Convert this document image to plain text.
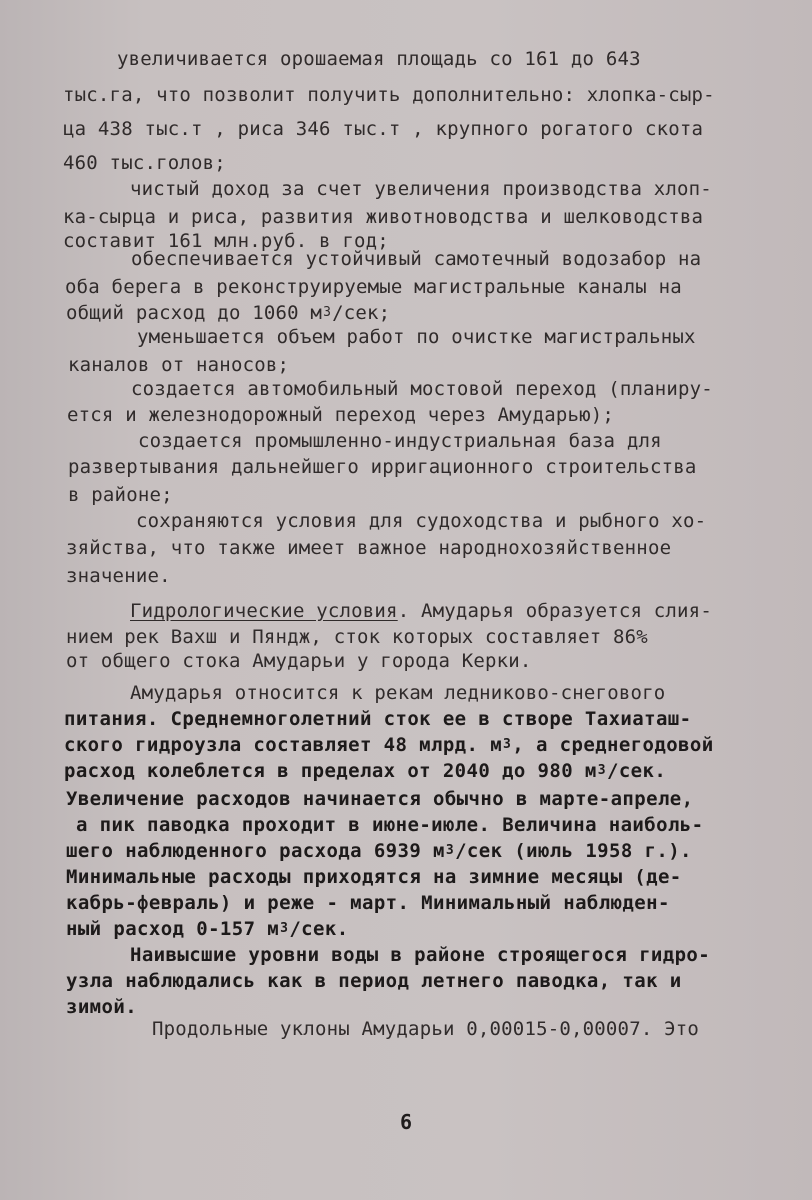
увеличивается орошаемая площадь со 161 до 643
тыс.га, что позволит получить дополнительно: хлопка-сыр-
ца 438 тыс.т , риса 346 тыс.т , крупного рогатого скота
460 тыс.голов;
чистый доход за счет увеличения производства хлоп-
ка-сырца и риса, развития животноводства и шелководства
составит 161 млн.руб. в год;
обеспечивается устойчивый самотечный водозабор на
оба берега в реконструируемые магистральные каналы на
общий расход до 1060 $м^3$/сек;
уменьшается объем работ по очистке магистральных
каналов от наносов;
создается автомобильный мостовой переход (планиру-
ется и железнодорожный переход через Амударью);
создается промышленно-индустриальная база для
развертывания дальнейшего ирригационного строительства
в районе;
сохраняются условия для судоходства и рыбного хо-
зяйства, что также имеет важное народнохозяйственное
значение.
Гидрологические условия. Амударья образуется слия-
нием рек Вахш и Пяндж, сток которых составляет 86%
от общего стока Амударьи у города Керки.
Амударья относится к рекам ледниково-снегового
питания. Среднемноголетний сток ее в створе Тахиаташ-
ского гидроузла составляет 48 млрд. $м^3$, а среднегодовой
расход колеблется в пределах от 2040 до 980 $м^3$/сек.
Увеличение расходов начинается обычно в марте-апреле,
а пик паводка проходит в июне-июле. Величина наиболь-
шего наблюденного расхода 6939 $м^3$/сек (июль 1958 г.).
Минимальные расходы приходятся на зимние месяцы (де-
кабрь-февраль) и реже - март. Минимальный наблюден-
ный расход 0-157 $м^3$/сек.
Наивысшие уровни воды в районе строящегося гидро-
узла наблюдались как в период летнего паводка, так и
зимой.
Продольные уклоны Амударьи 0,00015-0,00007. Это
6
